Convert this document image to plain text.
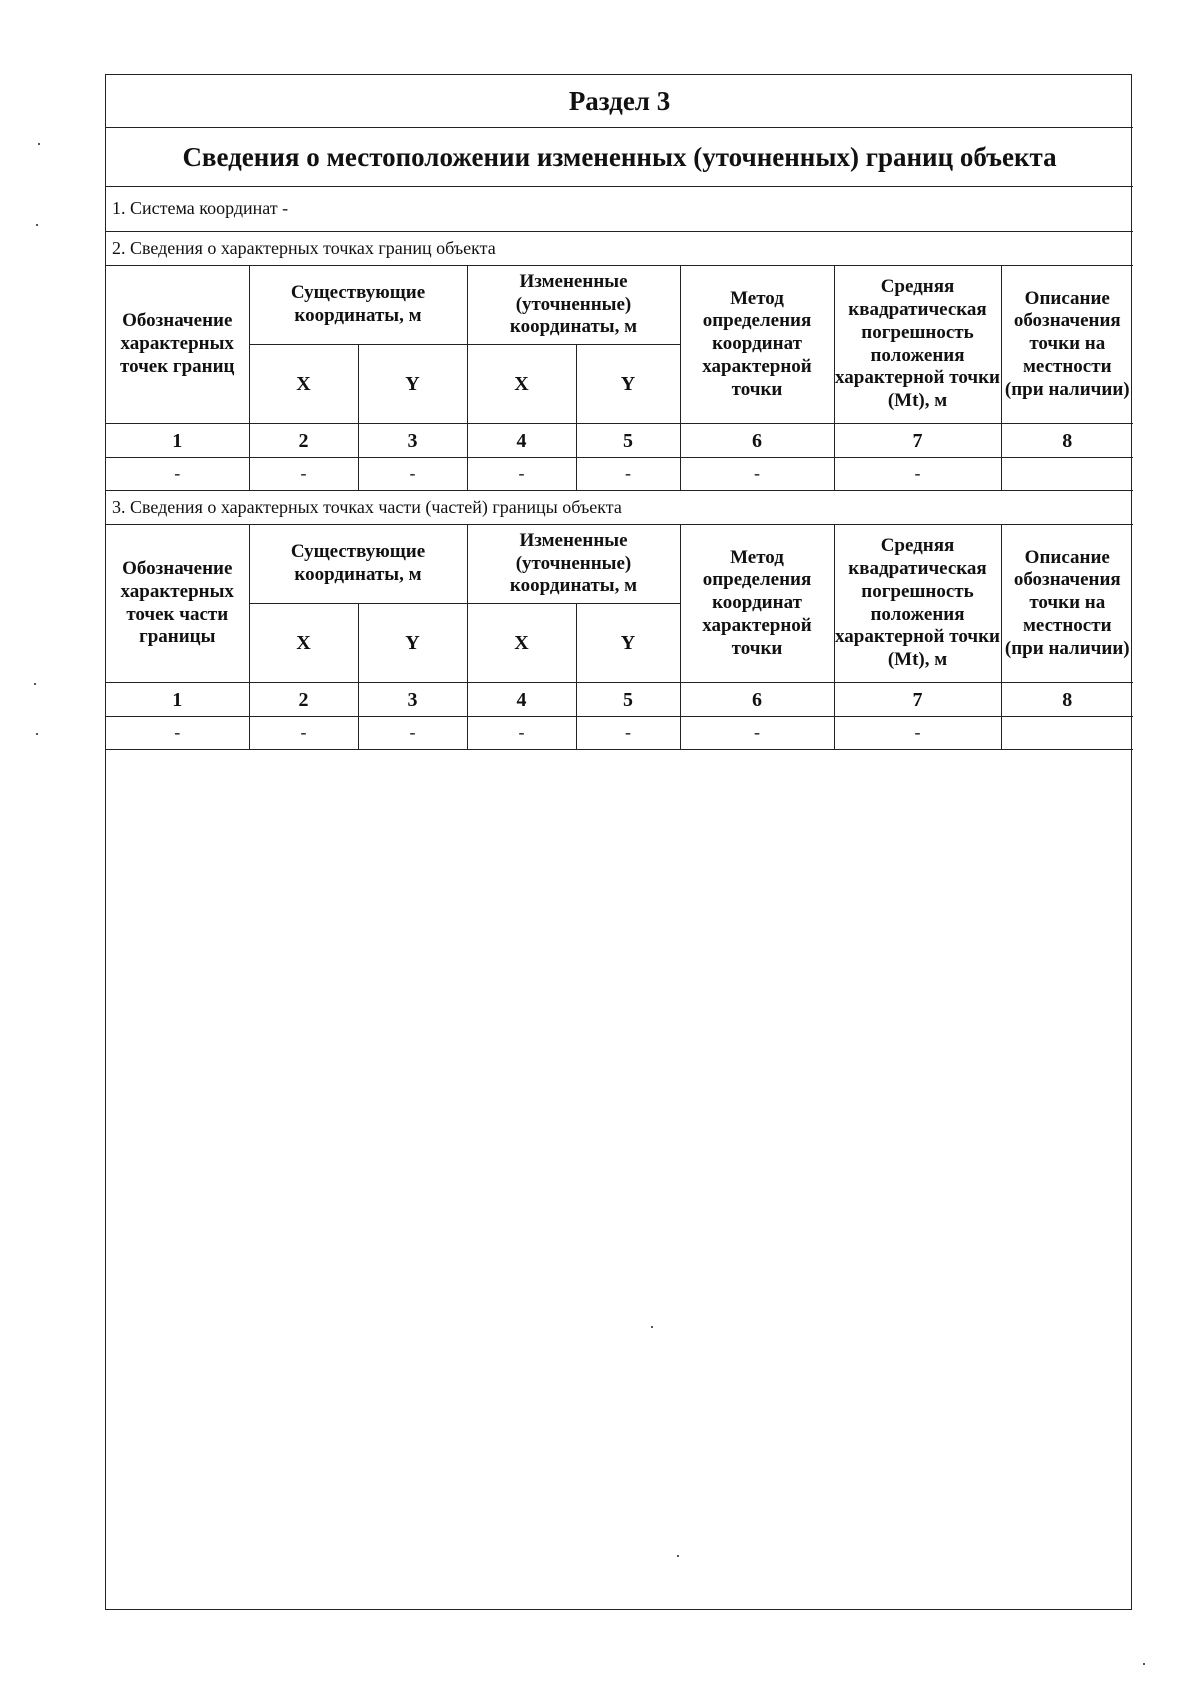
Раздел 3							
Сведения о местоположении измененных (уточненных) границ объекта							
1. Система координат -							
2. Сведения о характерных точках границ объекта							
Обозначение характерных точек границ	Существующие координаты, м		Измененные (уточненные) координаты, м		Метод определения координат характерной точки	Средняя квадратическая погрешность положения характерной точки (Mt), м	Описание обозначения точки на местности (при наличии)
	X	Y	X	Y			
1	2	3	4	5	6	7	8
-	-	-	-	-	-	-	
3. Сведения о характерных точках части (частей) границы объекта							
Обозначение характерных точек части границы	Существующие координаты, м		Измененные (уточненные) координаты, м		Метод определения координат характерной точки	Средняя квадратическая погрешность положения характерной точки (Mt), м	Описание обозначения точки на местности (при наличии)
	X	Y	X	Y			
1	2	3	4	5	6	7	8
-	-	-	-	-	-	-	
